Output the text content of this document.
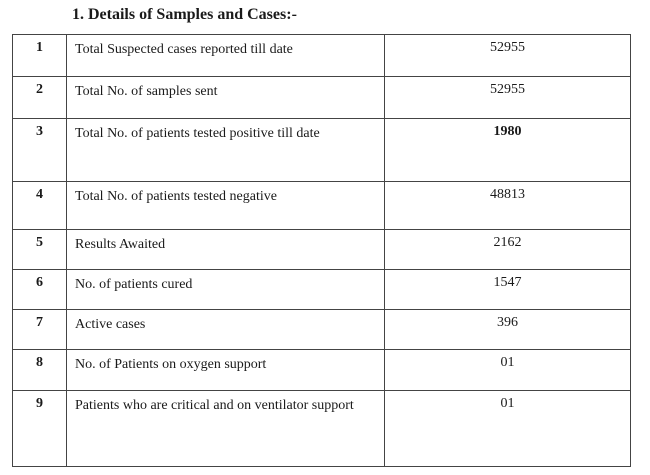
1. Details of Samples and Cases:-
1	Total Suspected cases reported till date	52955
2	Total No. of samples sent	52955
3	Total No. of patients tested positive till date	1980
4	Total No. of patients tested negative	48813
5	Results Awaited	2162
6	No. of patients cured	1547
7	Active cases	396
8	No. of Patients on oxygen support	01
9	Patients who are critical and on ventilator support	01
